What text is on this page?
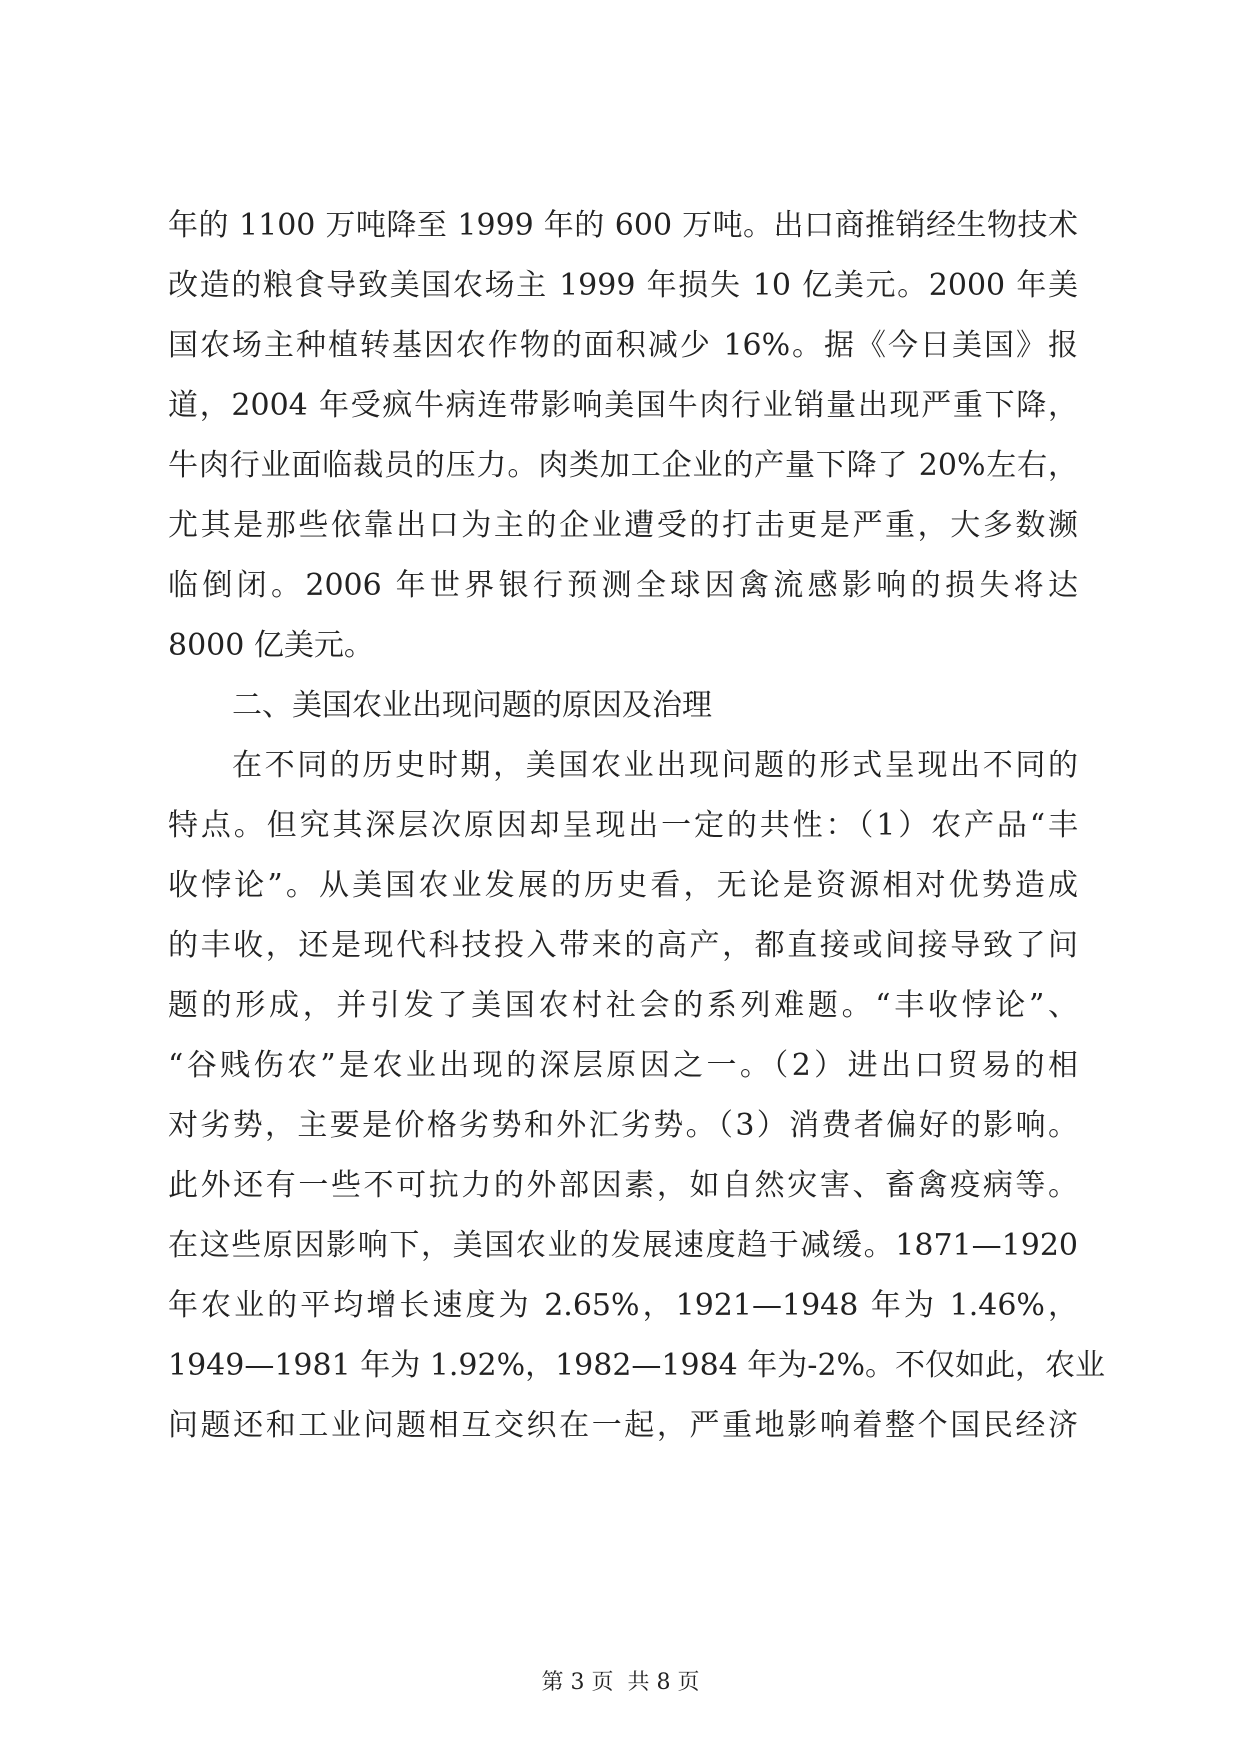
年的 1100 万吨降至 1999 年的 600 万吨。出口商推销经生物技术
改造的粮食导致美国农场主 1999 年损失 10 亿美元。2000 年美
国农场主种植转基因农作物的面积减少 16%。据《今日美国》报
道，2004 年受疯牛病连带影响美国牛肉行业销量出现严重下降，
牛肉行业面临裁员的压力。肉类加工企业的产量下降了 20%左右，
尤其是那些依靠出口为主的企业遭受的打击更是严重，大多数濒
临倒闭。2006 年世界银行预测全球因禽流感影响的损失将达
8000 亿美元。
二、美国农业出现问题的原因及治理
在不同的历史时期，美国农业出现问题的形式呈现出不同的
特点。但究其深层次原因却呈现出一定的共性：（1）农产品“丰
收悖论”。从美国农业发展的历史看，无论是资源相对优势造成
的丰收，还是现代科技投入带来的高产，都直接或间接导致了问
题的形成，并引发了美国农村社会的系列难题。“丰收悖论”、
“谷贱伤农”是农业出现的深层原因之一。（2）进出口贸易的相
对劣势，主要是价格劣势和外汇劣势。（3）消费者偏好的影响。
此外还有一些不可抗力的外部因素，如自然灾害、畜禽疫病等。
在这些原因影响下，美国农业的发展速度趋于减缓。1871—1920
年农业的平均增长速度为 2.65%，1921—1948 年为 1.46%，
1949—1981 年为 1.92%，1982—1984 年为-2%。不仅如此，农业
问题还和工业问题相互交织在一起，严重地影响着整个国民经济
第 3 页  共 8 页
